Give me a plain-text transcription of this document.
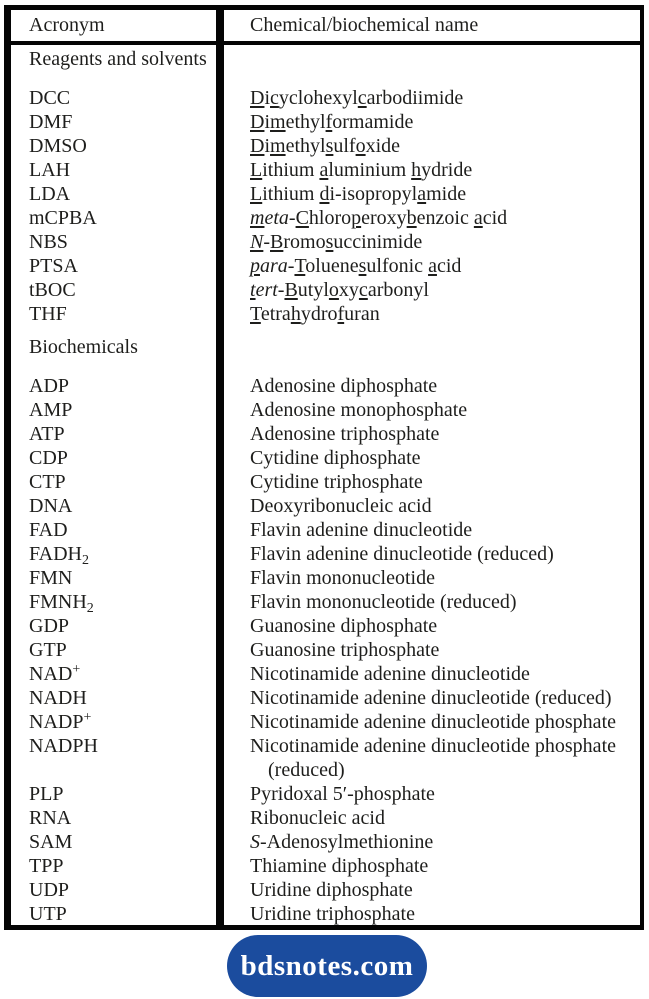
Acronym	Chemical/biochemical name
Reagents and solvents
DCC	Dicyclohexylcarbodiimide
DMF	Dimethylformamide
DMSO	Dimethylsulfoxide
LAH	Lithium aluminium hydride
LDA	Lithium di-isopropylamide
mCPBA	meta-Chloroperoxybenzoic acid
NBS	N-Bromosuccinimide
PTSA	para-Toluenesulfonic acid
tBOC	tert-Butyloxycarbonyl
THF	Tetrahydrofuran
Biochemicals
ADP	Adenosine diphosphate
AMP	Adenosine monophosphate
ATP	Adenosine triphosphate
CDP	Cytidine diphosphate
CTP	Cytidine triphosphate
DNA	Deoxyribonucleic acid
FAD	Flavin adenine dinucleotide
$FADH_2$	Flavin adenine dinucleotide (reduced)
FMN	Flavin mononucleotide
$FMNH_2$	Flavin mononucleotide (reduced)
GDP	Guanosine diphosphate
GTP	Guanosine triphosphate
NAD+	Nicotinamide adenine dinucleotide
NADH	Nicotinamide adenine dinucleotide (reduced)
NADP+	Nicotinamide adenine dinucleotide phosphate
NADPH	Nicotinamide adenine dinucleotide phosphate
(reduced)
PLP	Pyridoxal 5′-phosphate
RNA	Ribonucleic acid
SAM	S-Adenosylmethionine
TPP	Thiamine diphosphate
UDP	Uridine diphosphate
UTP	Uridine triphosphate
bdsnotes.com
